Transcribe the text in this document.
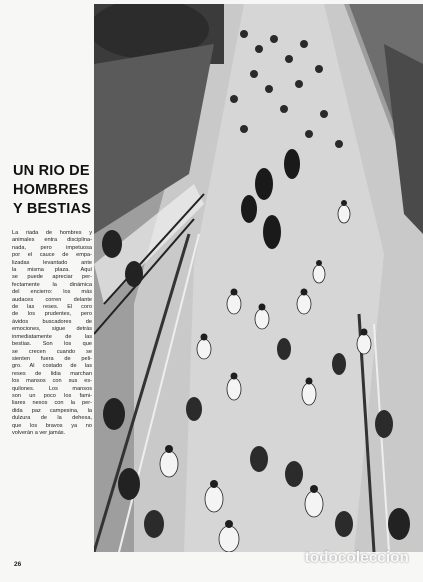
UN RIO DE
HOMBRES
Y BESTIAS
La riada de hombres y
animales entra disciplina-
nada, pero impetuosa
por el cauce de empa-
lizadas levantado ante
la misma plaza. Aquí
se puede apreciar per-
fectamente la dinámica
del encierro: los más
audaces corren delante
de las reses. El coro
de los prudentes, pero
ávidos buscadores de
emociones, sigue detrás
inmediatamente de las
bestias. Son los que
se crecen cuando se
sienten fuera de peli-
gro. Al costado de las
reses de lidia marchan
los mansos con sus es-
quilones. Los mansos
son un poco los fami-
liares nexos con la per-
dida paz campesina, la
dulzura de la dehesa,
que los bravos ya no
volverán a ver jamás.
26	todocoleccion
